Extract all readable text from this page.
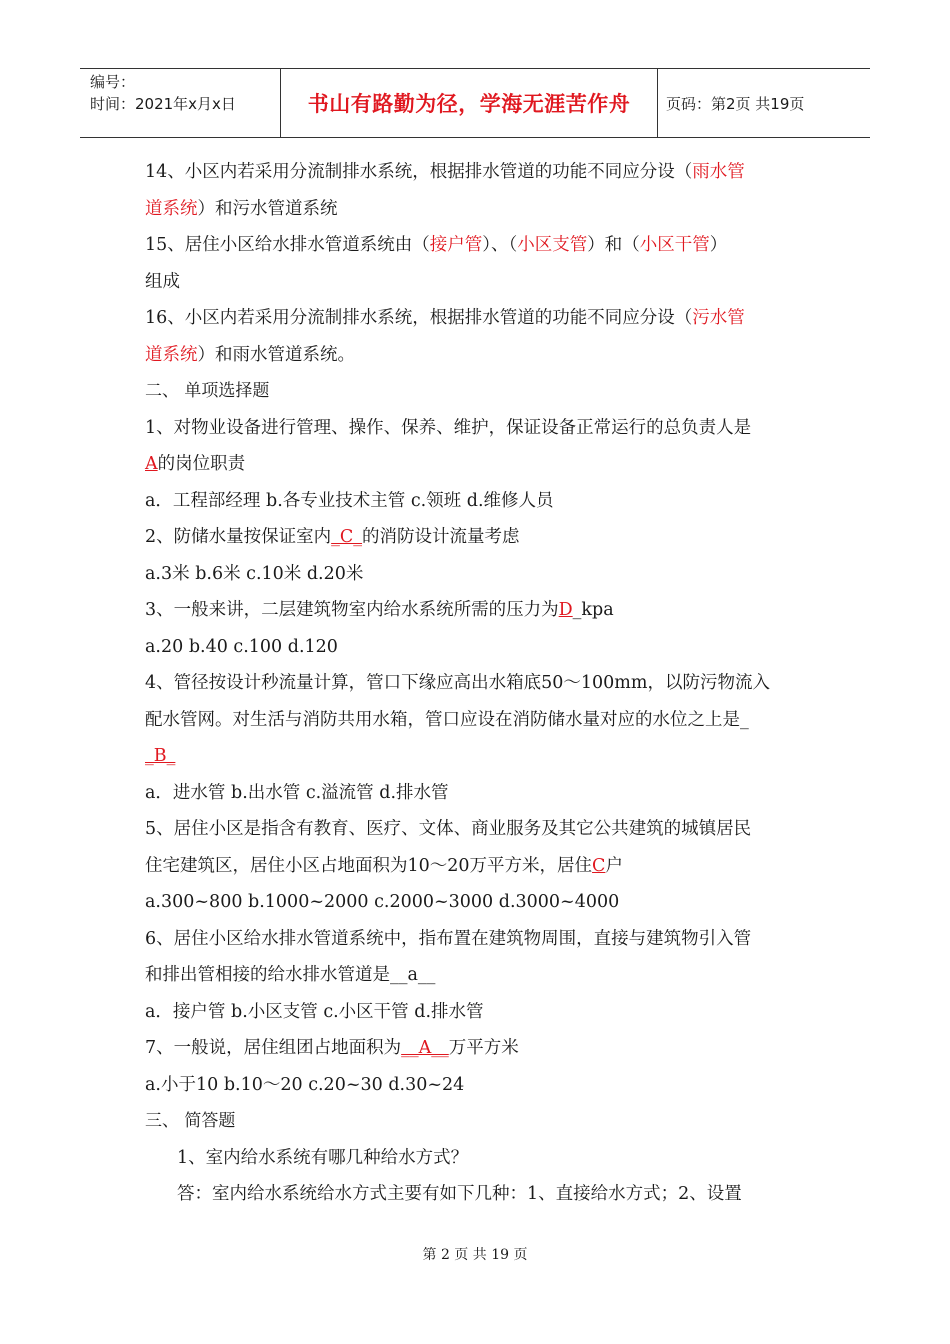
编号：
时间：2021年x月x日	书山有路勤为径，学海无涯苦作舟	页码：第2页 共19页
14、小区内若采用分流制排水系统，根据排水管道的功能不同应分设（雨水管
道系统）和污水管道系统
15、居住小区给水排水管道系统由（接户管）、（小区支管）和（小区干管）
组成
16、小区内若采用分流制排水系统，根据排水管道的功能不同应分设（污水管
道系统）和雨水管道系统。
二、 单项选择题
1、对物业设备进行管理、操作、保养、维护，保证设备正常运行的总负责人是
A的岗位职责
a．工程部经理 b.各专业技术主管 c.领班 d.维修人员
2、防储水量按保证室内_C_的消防设计流量考虑
a.3米 b.6米 c.10米 d.20米
3、一般来讲，二层建筑物室内给水系统所需的压力为D_kpa
a.20 b.40 c.100 d.120
4、管径按设计秒流量计算，管口下缘应高出水箱底50～100mm，以防污物流入
配水管网。对生活与消防共用水箱，管口应设在消防储水量对应的水位之上是_
_B_
a．进水管 b.出水管 c.溢流管 d.排水管
5、居住小区是指含有教育、医疗、文体、商业服务及其它公共建筑的城镇居民
住宅建筑区，居住小区占地面积为10～20万平方米，居住C户
a.300~800 b.1000~2000 c.2000~3000 d.3000~4000
6、居住小区给水排水管道系统中，指布置在建筑物周围，直接与建筑物引入管
和排出管相接的给水排水管道是__a__
a．接户管 b.小区支管 c.小区干管 d.排水管
7、一般说，居住组团占地面积为__A__万平方米
a.小于10 b.10～20 c.20~30 d.30~24
三、 简答题
1、室内给水系统有哪几种给水方式？
答：室内给水系统给水方式主要有如下几种：1、直接给水方式；2、设置
第 2 页 共 19 页
